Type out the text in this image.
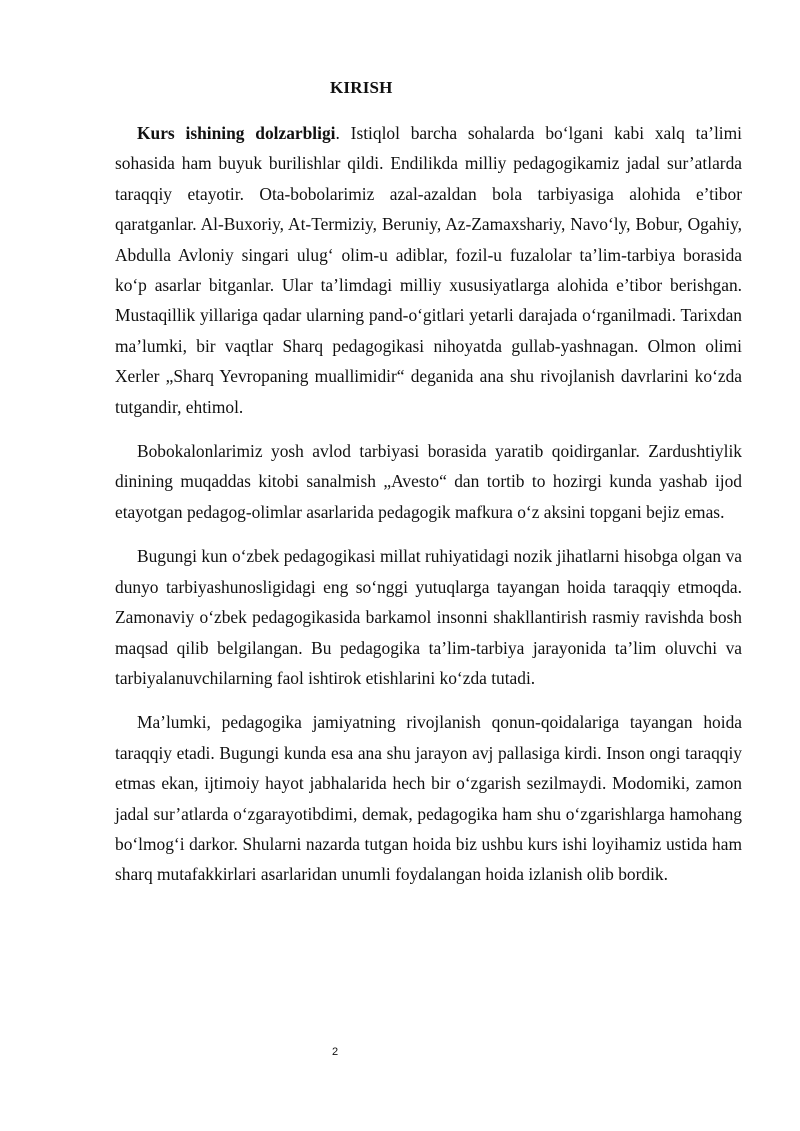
KIRISH

Kurs ishining dolzarbligi. Istiqlol barcha sohalarda boʻlgani kabi xalq ta’limi sohasida ham buyuk burilishlar qildi. Endilikda milliy pedagogikamiz jadal sur’atlarda taraqqiy etayotir. Ota-bobolarimiz azal-azaldan bola tarbiyasiga alohida e’tibor qaratganlar. Al-Buxoriy, At-Termiziy, Beruniy, Az-Zamaxshariy, Navoʻly, Bobur, Ogahiy, Abdulla Avloniy singari ulugʻ olim-u adiblar, fozil-u fuzalolar ta’lim-tarbiya borasida koʻp asarlar bitganlar. Ular ta’limdagi milliy xususiyatlarga alohida e’tibor berishgan. Mustaqillik yillariga qadar ularning pand-oʻgitlari yetarli darajada oʻrganilmadi. Tarixdan ma’lumki, bir vaqtlar Sharq pedagogikasi nihoyatda gullab-yashnagan. Olmon olimi Xerler „Sharq Yevropaning muallimidir“ deganida ana shu rivojlanish davrlarini koʻzda tutgandir, ehtimol.

Bobokalonlarimiz yosh avlod tarbiyasi borasida yaratib qoidirganlar. Zardushtiylik dinining muqaddas kitobi sanalmish „Avesto“ dan tortib to hozirgi kunda yashab ijod etayotgan pedagog-olimlar asarlarida pedagogik mafkura oʻz aksini topgani bejiz emas.

Bugungi kun oʻzbek pedagogikasi millat ruhiyatidagi nozik jihatlarni hisobga olgan va dunyo tarbiyashunosligidagi eng soʻnggi yutuqlarga tayangan hoida taraqqiy etmoqda. Zamonaviy oʻzbek pedagogikasida barkamol insonni shakllantirish rasmiy ravishda bosh maqsad qilib belgilangan. Bu pedagogika ta’lim-tarbiya jarayonida ta’lim oluvchi va tarbiyalanuvchilarning faol ishtirok etishlarini koʻzda tutadi.

Ma’lumki, pedagogika jamiyatning rivojlanish qonun-qoidalariga tayangan hoida taraqqiy etadi. Bugungi kunda esa ana shu jarayon avj pallasiga kirdi. Inson ongi taraqqiy etmas ekan, ijtimoiy hayot jabhalarida hech bir oʻzgarish sezilmaydi. Modomiki, zamon jadal sur’atlarda oʻzgarayotibdimi, demak, pedagogika ham shu oʻzgarishlarga hamohang boʻlmogʻi darkor. Shularni nazarda tutgan hoida biz ushbu kurs ishi loyihamiz ustida ham sharq mutafakkirlari asarlaridan unumli foydalangan hoida izlanish olib bordik.

2
